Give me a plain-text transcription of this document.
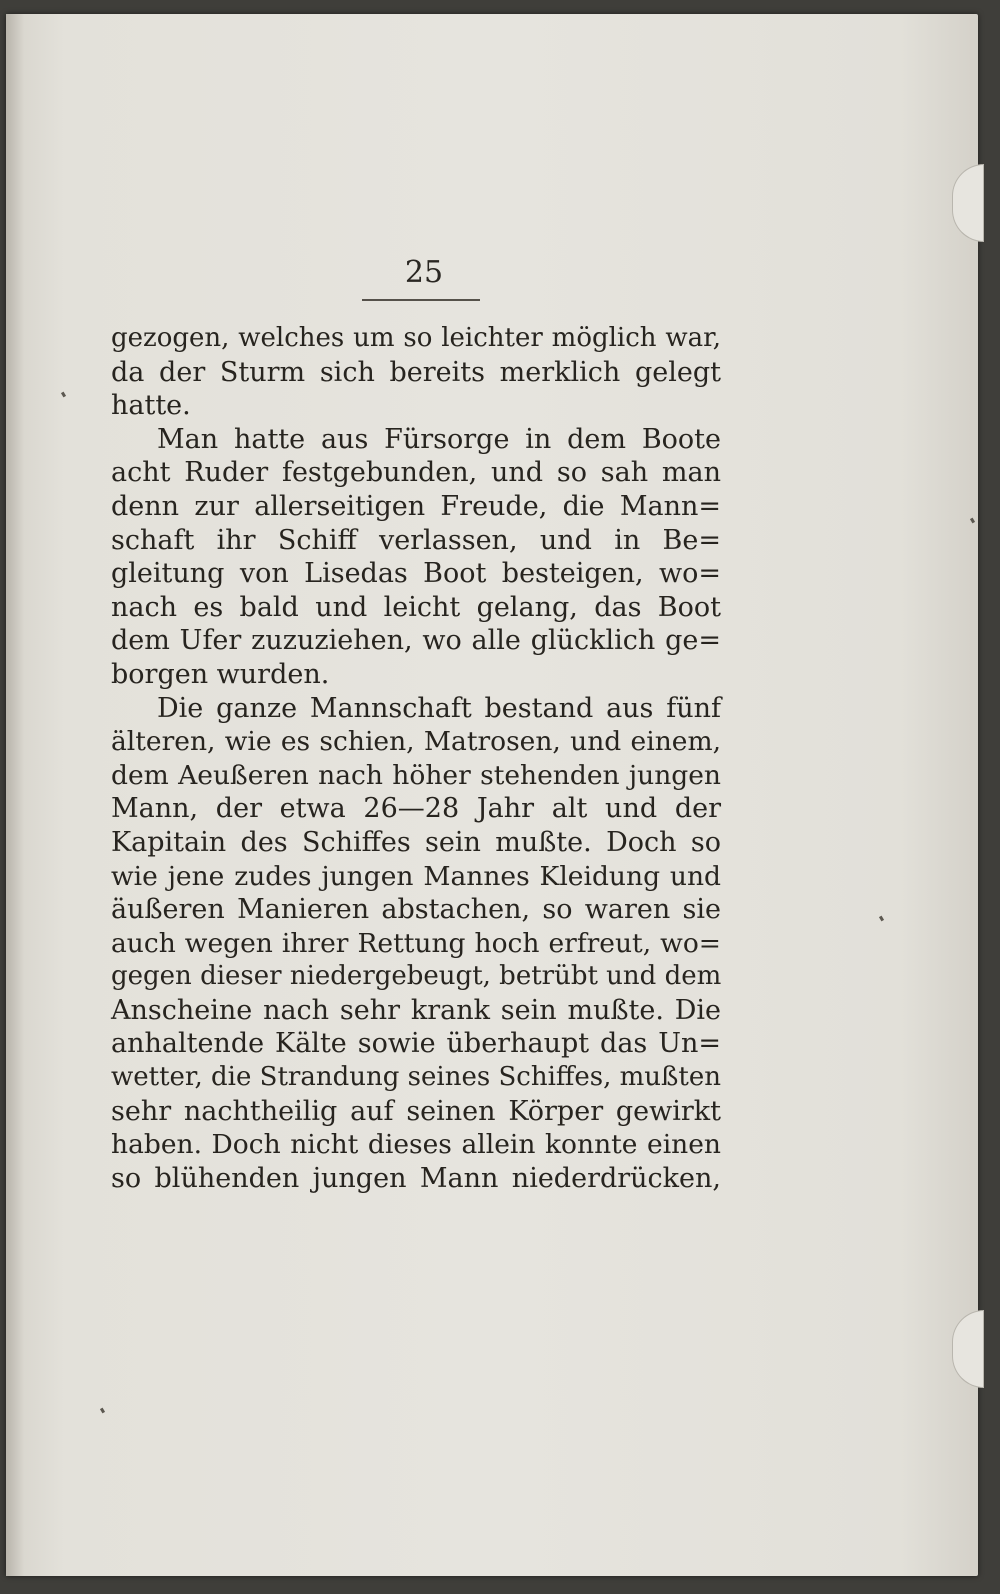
25
gezogen, welches um so leichter möglich war,
da der Sturm sich bereits merklich gelegt
hatte.
Man hatte aus Fürsorge in dem Boote
acht Ruder festgebunden, und so sah man
denn zur allerseitigen Freude, die Mann=
schaft ihr Schiff verlassen, und in Be=
gleitung von Lisedas Boot besteigen, wo=
nach es bald und leicht gelang, das Boot
dem Ufer zuzuziehen, wo alle glücklich ge=
borgen wurden.
Die ganze Mannschaft bestand aus fünf
älteren, wie es schien, Matrosen, und einem,
dem Aeußeren nach höher stehenden jungen
Mann, der etwa 26—28 Jahr alt und der
Kapitain des Schiffes sein mußte. Doch so
wie jene zudes jungen Mannes Kleidung und
äußeren Manieren abstachen, so waren sie
auch wegen ihrer Rettung hoch erfreut, wo=
gegen dieser niedergebeugt, betrübt und dem
Anscheine nach sehr krank sein mußte. Die
anhaltende Kälte sowie überhaupt das Un=
wetter, die Strandung seines Schiffes, mußten
sehr nachtheilig auf seinen Körper gewirkt
haben. Doch nicht dieses allein konnte einen
so blühenden jungen Mann niederdrücken,
